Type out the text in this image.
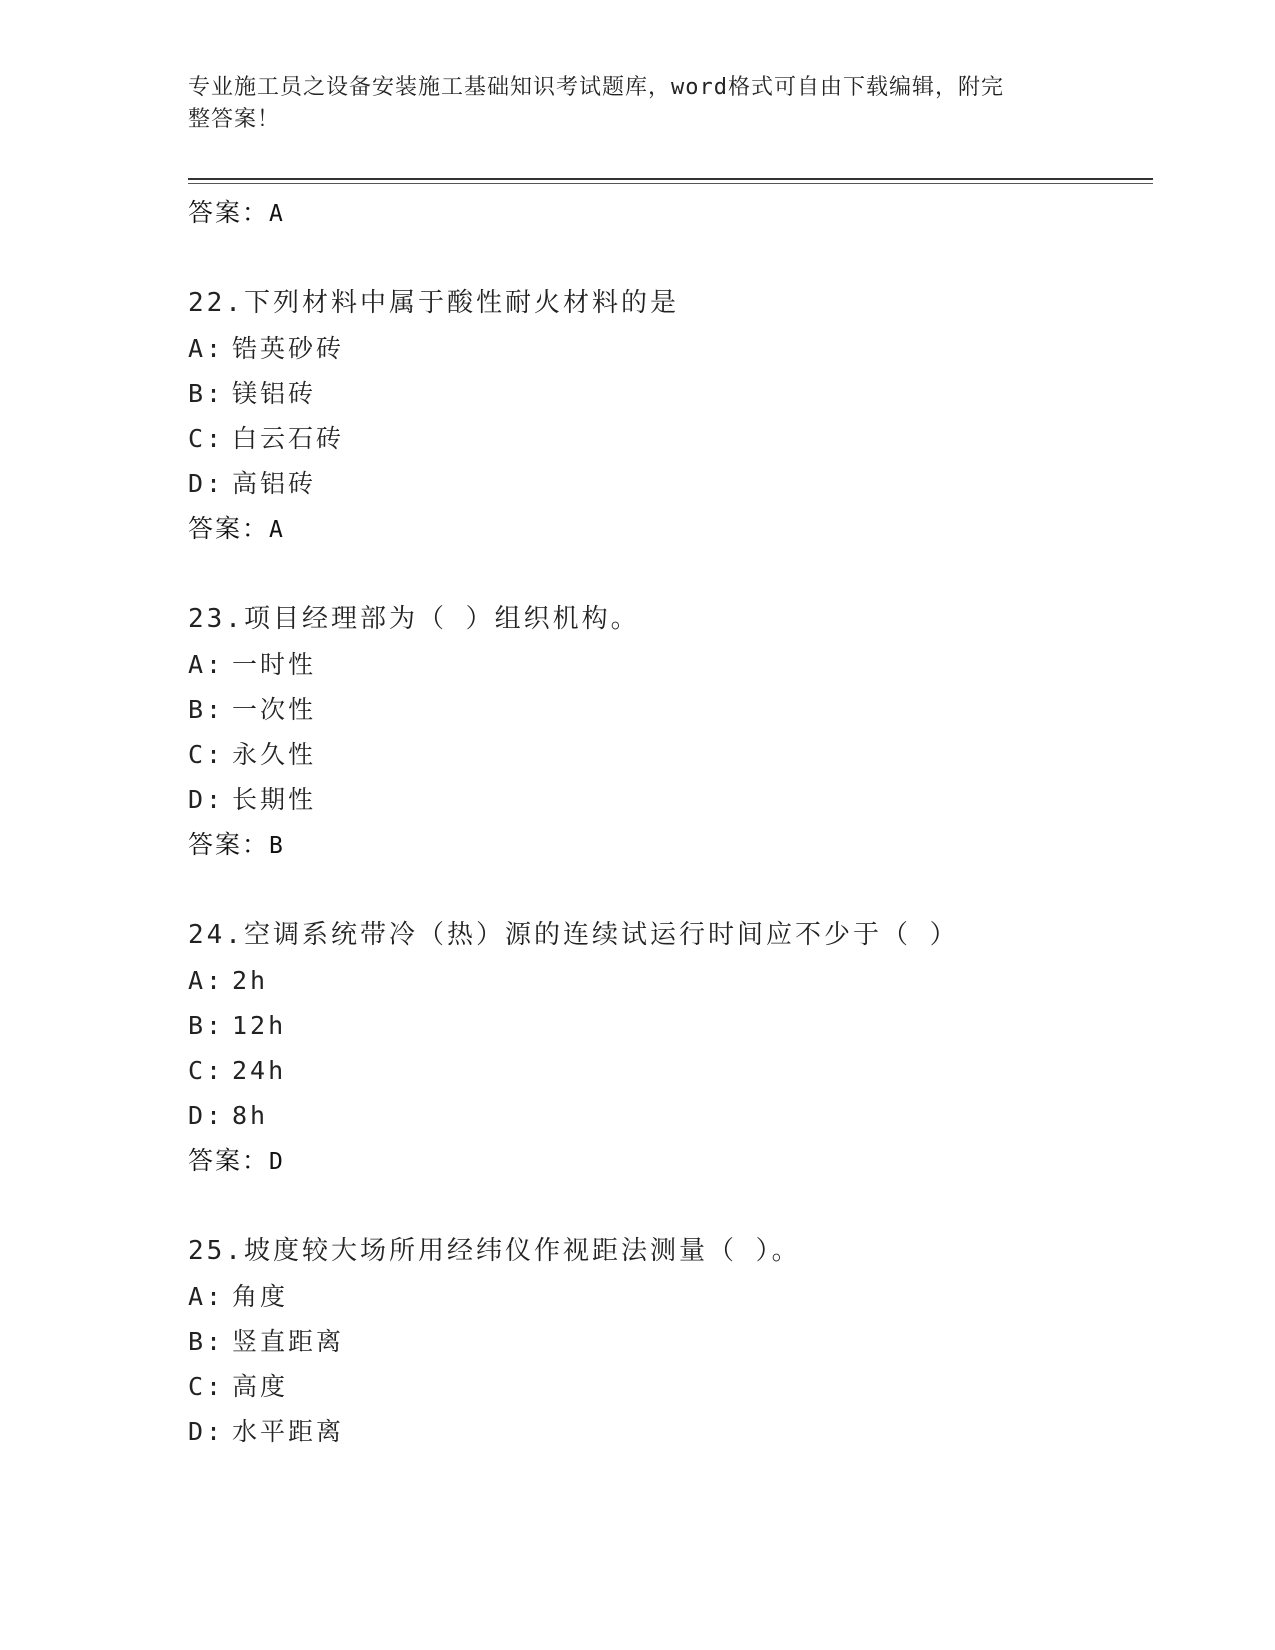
专业施工员之设备安装施工基础知识考试题库，word格式可自由下载编辑，附完
整答案！
答案：A
22.下列材料中属于酸性耐火材料的是
A: 锆英砂砖
B: 镁铝砖
C: 白云石砖
D: 高铝砖
答案：A
23.项目经理部为（ ）组织机构。
A: 一时性
B: 一次性
C: 永久性
D: 长期性
答案：B
24.空调系统带冷（热）源的连续试运行时间应不少于（ ）
A: 2h
B: 12h
C: 24h
D: 8h
答案：D
25.坡度较大场所用经纬仪作视距法测量（ ）。
A: 角度
B: 竖直距离
C: 高度
D: 水平距离
